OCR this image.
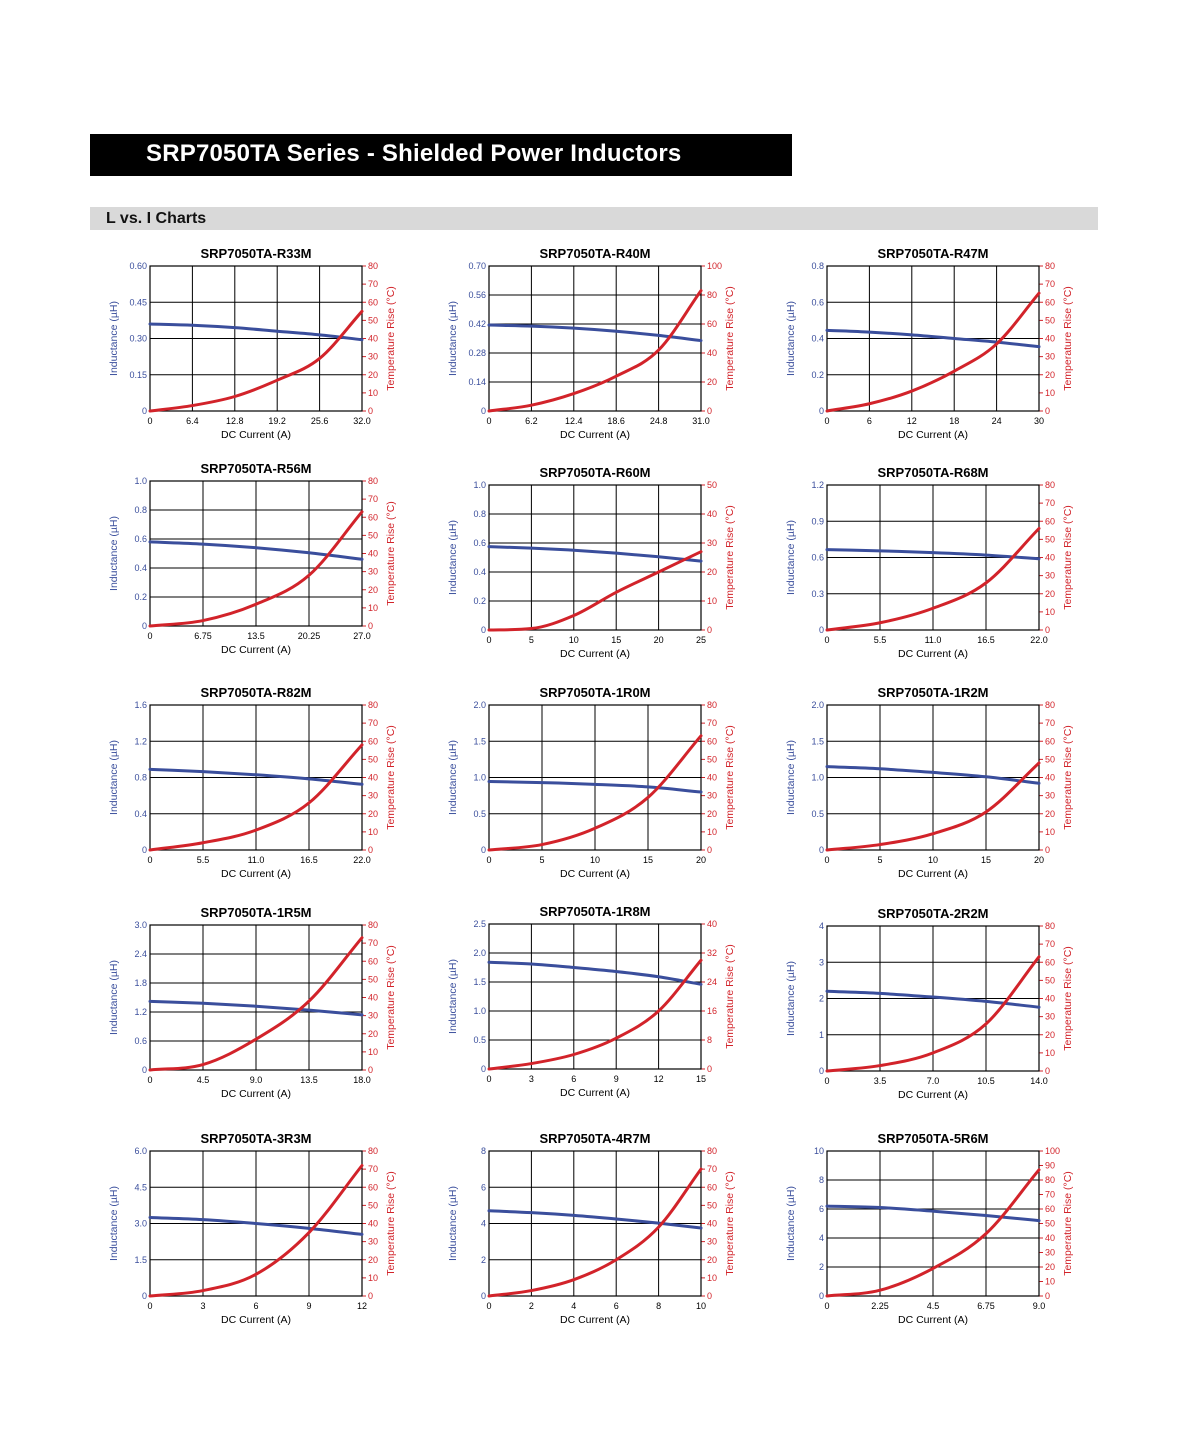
SRP7050TA Series - Shielded Power Inductors
L vs. I Charts
SRP7050TA-R33M
0	6.4	12.8	19.2	25.6	32.0
0
0.15
0.30
0.45
0.60
0
10
20
30
40
50
60
70
80
DC Current (A)
Inductance (µH)	Temperature Rise (°C)
SRP7050TA-R40M
0	6.2	12.4	18.6	24.8	31.0
0
0.14
0.28
0.42
0.56
0.70
0
20
40
60
80
100
DC Current (A)
Inductance (µH)	Temperature Rise (°C)
SRP7050TA-R47M
0	6	12	18	24	30
0
0.2
0.4
0.6
0.8
0
10
20
30
40
50
60
70
80
DC Current (A)
Inductance (µH)	Temperature Rise (°C)
SRP7050TA-R56M
0	6.75	13.5	20.25	27.0
0
0.2
0.4
0.6
0.8
1.0
0
10
20
30
40
50
60
70
80
DC Current (A)
Inductance (µH)	Temperature Rise (°C)
SRP7050TA-R60M
0	5	10	15	20	25
0
0.2
0.4
0.6
0.8
1.0
0
10
20
30
40
50
DC Current (A)
Inductance (µH)	Temperature Rise (°C)
SRP7050TA-R68M
0	5.5	11.0	16.5	22.0
0
0.3
0.6
0.9
1.2
0
10
20
30
40
50
60
70
80
DC Current (A)
Inductance (µH)	Temperature Rise (°C)
SRP7050TA-R82M
0	5.5	11.0	16.5	22.0
0
0.4
0.8
1.2
1.6
0
10
20
30
40
50
60
70
80
DC Current (A)
Inductance (µH)	Temperature Rise (°C)
SRP7050TA-1R0M
0	5	10	15	20
0
0.5
1.0
1.5
2.0
0
10
20
30
40
50
60
70
80
DC Current (A)
Inductance (µH)	Temperature Rise (°C)
SRP7050TA-1R2M
0	5	10	15	20
0
0.5
1.0
1.5
2.0
0
10
20
30
40
50
60
70
80
DC Current (A)
Inductance (µH)	Temperature Rise (°C)
SRP7050TA-1R5M
0	4.5	9.0	13.5	18.0
0
0.6
1.2
1.8
2.4
3.0
0
10
20
30
40
50
60
70
80
DC Current (A)
Inductance (µH)	Temperature Rise (°C)
SRP7050TA-1R8M
0	3	6	9	12	15
0
0.5
1.0
1.5
2.0
2.5
0
8
16
24
32
40
DC Current (A)
Inductance (µH)	Temperature Rise (°C)
SRP7050TA-2R2M
0	3.5	7.0	10.5	14.0
0
1
2
3
4
0
10
20
30
40
50
60
70
80
DC Current (A)
Inductance (µH)	Temperature Rise (°C)
SRP7050TA-3R3M
0	3	6	9	12
0
1.5
3.0
4.5
6.0
0
10
20
30
40
50
60
70
80
DC Current (A)
Inductance (µH)	Temperature Rise (°C)
SRP7050TA-4R7M
0	2	4	6	8	10
0
2
4
6
8
0
10
20
30
40
50
60
70
80
DC Current (A)
Inductance (µH)	Temperature Rise (°C)
SRP7050TA-5R6M
0	2.25	4.5	6.75	9.0
0
2
4
6
8
10
0
10
20
30
40
50
60
70
80
90
100
DC Current (A)
Inductance (µH)	Temperature Rise (°C)
